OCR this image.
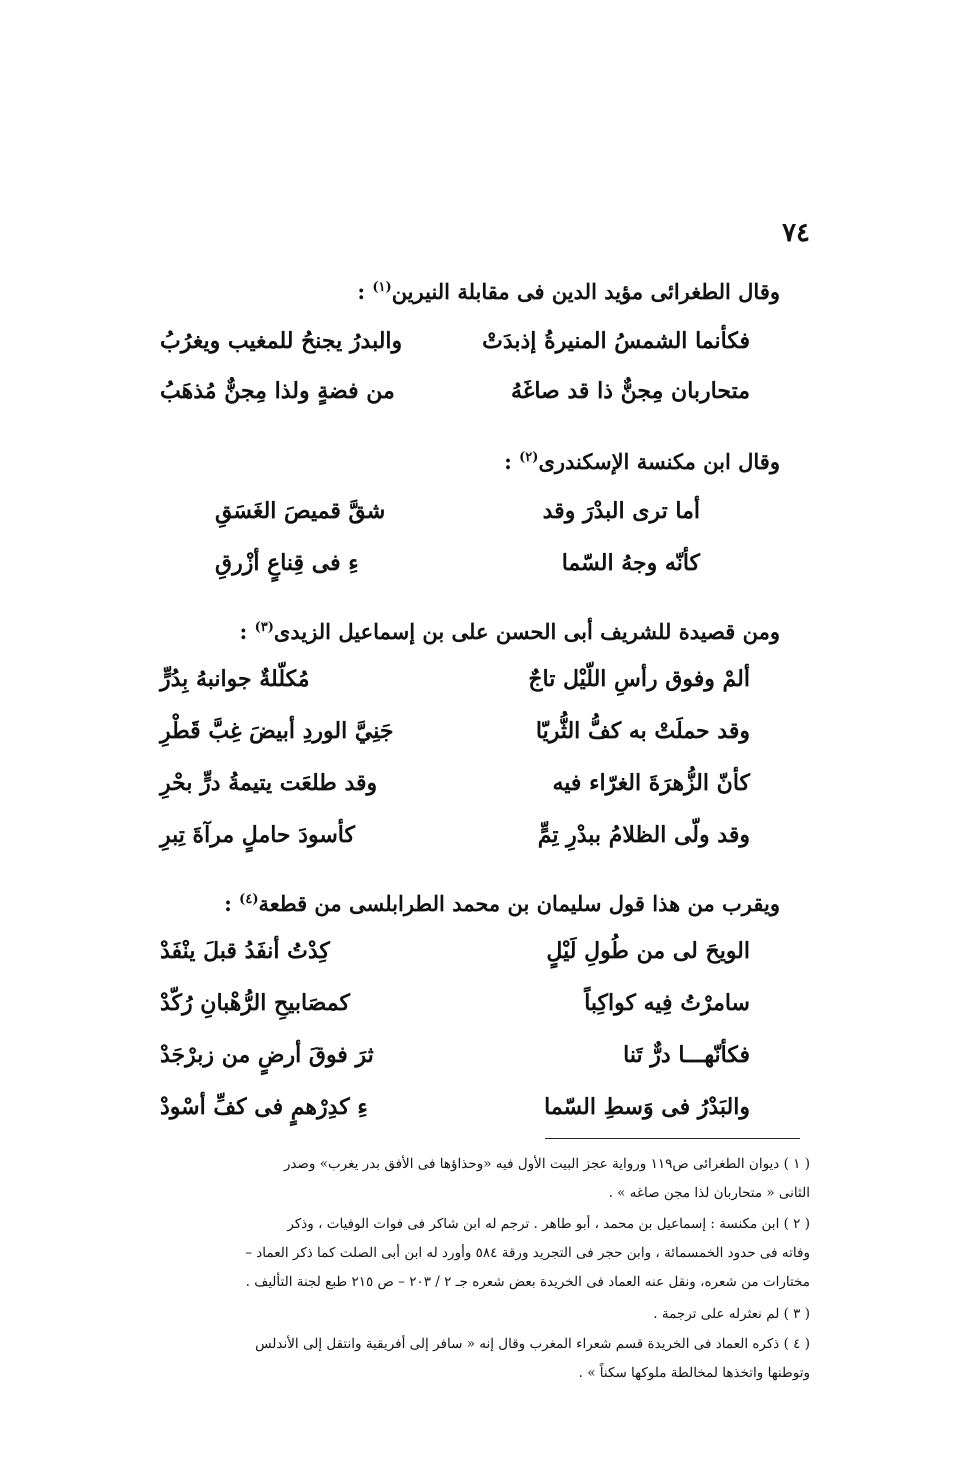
٧٤
وقال الطغرائى مؤيد الدين فى مقابلة النيرين$^{(١)}$ :
فكأنما الشمسُ المنيرةُ إذبدَتْ
والبدرُ يجنحُ للمغيب ويغرُبُ
متحاربان مِجنٌّ ذا قد صاغَهُ
من فضةٍ ولذا مِجنٌّ مُذهَبُ
وقال ابن مكنسة الإسكندرى$^{(٢)}$ :
أما ترى البدْرَ وقد
شقَّ قميصَ الغَسَقِ
كأنّه وجهُ السّما
ءِ فى قِناعٍ أزْرقِ
ومن قصيدة للشريف أبى الحسن على بن إسماعيل الزيدى$^{(٣)}$ :
ألمْ وفوق رأسِ اللّيْل تاجٌ
مُكلّلةٌ جوانبهُ بِدُرٍّ
وقد حملَتْ به كفُّ الثُّريّا
جَنِيَّ الوردِ أبيضَ غِبَّ قَطْرِ
كأنّ الزُّهرَةَ الغرّاء فيه
وقد طلعَت يتيمةُ درٍّ بحْرِ
وقد ولّى الظلامُ ببدْرِ تِمٍّ
كأسودَ حاملٍ مرآةَ تِبرِ
ويقرب من هذا قول سليمان بن محمد الطرابلسى من قطعة$^{(٤)}$ :
الويحَ لى من طُولِ لَيْلٍ
كِدْتُ أنفَدُ قبلَ ينْفَدْ
سامرْتُ فِيه كواكِباً
كمصَابيحِ الرُّهْبانِ رُكّدْ
فكأنّهـــا درٌّ تَنا
ثرَ فوقَ أرضٍ من زبرْجَدْ
والبَدْرُ فى وَسطِ السّما
ءِ كدِرْهمٍ فى كفِّ أسْودْ
( ١ ) ديوان الطغرائى ص١١٩ ورواية عجز البيت الأول فيه «وحذاؤها فى الأفق بدر يغرب» وصدر
الثانى « متحاربان لذا مجن صاغه » .
( ٢ ) ابن مكنسة : إسماعيل بن محمد ، أبو طاهر . ترجم له ابن شاكر فى فوات الوفيات ، وذكر
وفاته فى حدود الخمسمائة ، وابن حجر فى التجريد ورقة ٥٨٤ وأورد له ابن أبى الصلت كما ذكر العماد –
مختارات من شعره، ونقل عنه العماد فى الخريدة بعض شعره جـ ٢ / ٢٠٣ – ص ٢١٥ طبع لجنة التأليف .
( ٣ ) لم نعثرله على ترجمة .
( ٤ ) ذكره العماد فى الخريدة قسم شعراء المغرب وقال إنه « سافر إلى أفريقية وانتقل إلى الأندلس
وتوطنها واتخذها لمخالطة ملوكها سكناً » .
